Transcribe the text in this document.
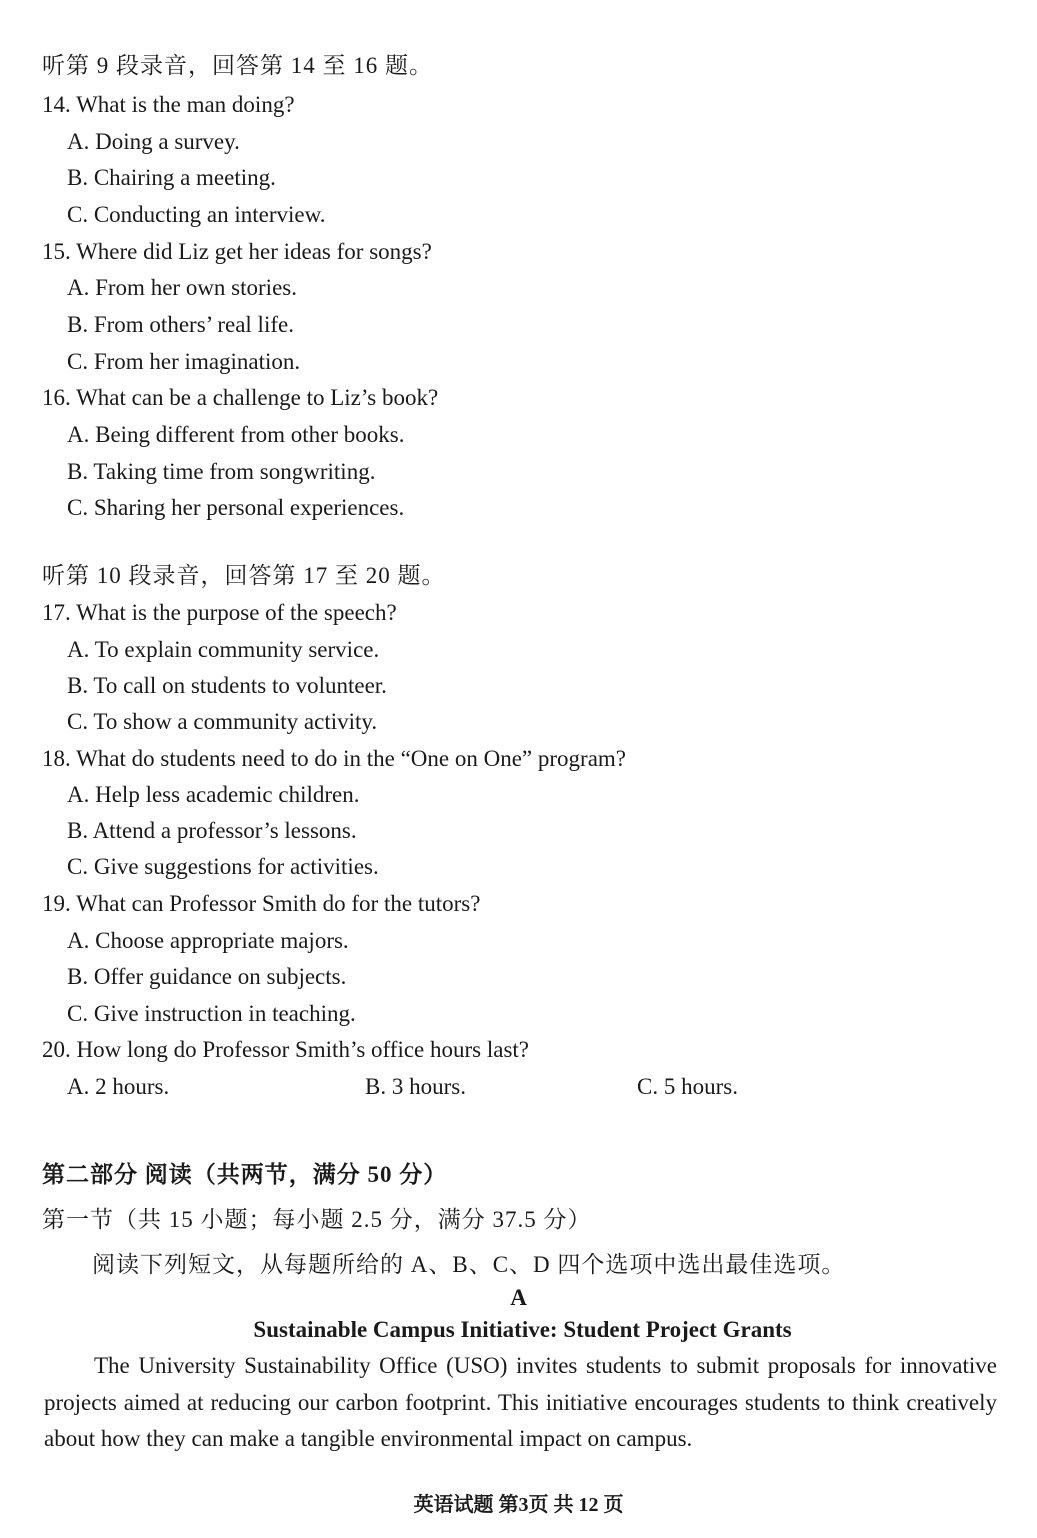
听第 9 段录音，回答第 14 至 16 题。
14. What is the man doing?
A. Doing a survey.
B. Chairing a meeting.
C. Conducting an interview.
15. Where did Liz get her ideas for songs?
A. From her own stories.
B. From others’ real life.
C. From her imagination.
16. What can be a challenge to Liz’s book?
A. Being different from other books.
B. Taking time from songwriting.
C. Sharing her personal experiences.
听第 10 段录音，回答第 17 至 20 题。
17. What is the purpose of the speech?
A. To explain community service.
B. To call on students to volunteer.
C. To show a community activity.
18. What do students need to do in the “One on One” program?
A. Help less academic children.
B. Attend a professor’s lessons.
C. Give suggestions for activities.
19. What can Professor Smith do for the tutors?
A. Choose appropriate majors.
B. Offer guidance on subjects.
C. Give instruction in teaching.
20. How long do Professor Smith’s office hours last?
A. 2 hours.	B. 3 hours.	C. 5 hours.
第二部分 阅读（共两节，满分 50 分）
第一节（共 15 小题；每小题 2.5 分，满分 37.5 分）
阅读下列短文，从每题所给的 A、B、C、D 四个选项中选出最佳选项。
A
Sustainable Campus Initiative: Student Project Grants
The University Sustainability Office (USO) invites students to submit proposals for innovative projects aimed at reducing our carbon footprint. This initiative encourages students to think creatively about how they can make a tangible environmental impact on campus.
英语试题 第3页 共 12 页
